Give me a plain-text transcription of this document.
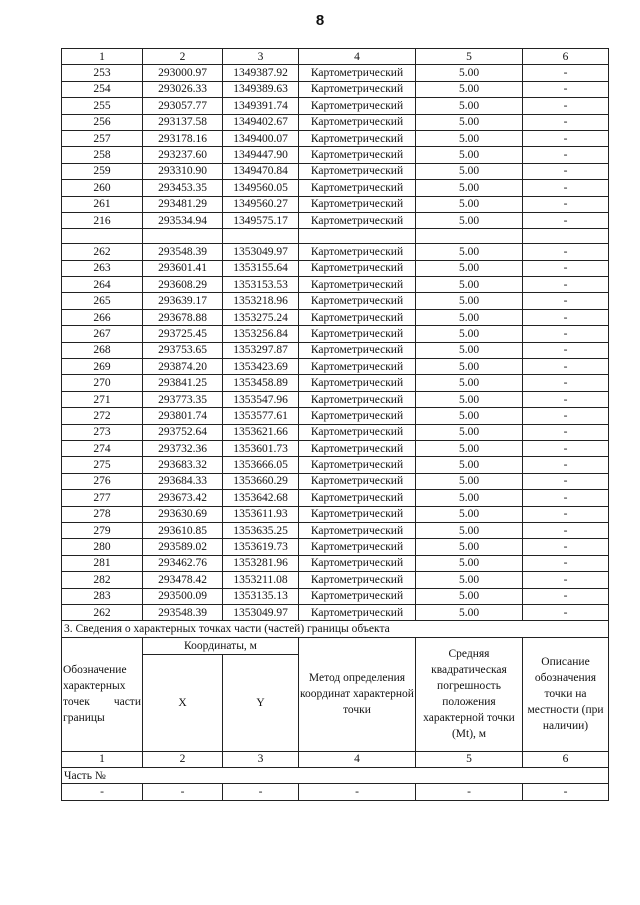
8
1	2	3	4	5	6
253	293000.97	1349387.92	Картометрический	5.00	-
254	293026.33	1349389.63	Картометрический	5.00	-
255	293057.77	1349391.74	Картометрический	5.00	-
256	293137.58	1349402.67	Картометрический	5.00	-
257	293178.16	1349400.07	Картометрический	5.00	-
258	293237.60	1349447.90	Картометрический	5.00	-
259	293310.90	1349470.84	Картометрический	5.00	-
260	293453.35	1349560.05	Картометрический	5.00	-
261	293481.29	1349560.27	Картометрический	5.00	-
216	293534.94	1349575.17	Картометрический	5.00	-

262	293548.39	1353049.97	Картометрический	5.00	-
263	293601.41	1353155.64	Картометрический	5.00	-
264	293608.29	1353153.53	Картометрический	5.00	-
265	293639.17	1353218.96	Картометрический	5.00	-
266	293678.88	1353275.24	Картометрический	5.00	-
267	293725.45	1353256.84	Картометрический	5.00	-
268	293753.65	1353297.87	Картометрический	5.00	-
269	293874.20	1353423.69	Картометрический	5.00	-
270	293841.25	1353458.89	Картометрический	5.00	-
271	293773.35	1353547.96	Картометрический	5.00	-
272	293801.74	1353577.61	Картометрический	5.00	-
273	293752.64	1353621.66	Картометрический	5.00	-
274	293732.36	1353601.73	Картометрический	5.00	-
275	293683.32	1353666.05	Картометрический	5.00	-
276	293684.33	1353660.29	Картометрический	5.00	-
277	293673.42	1353642.68	Картометрический	5.00	-
278	293630.69	1353611.93	Картометрический	5.00	-
279	293610.85	1353635.25	Картометрический	5.00	-
280	293589.02	1353619.73	Картометрический	5.00	-
281	293462.76	1353281.96	Картометрический	5.00	-
282	293478.42	1353211.08	Картометрический	5.00	-
283	293500.09	1353135.13	Картометрический	5.00	-
262	293548.39	1353049.97	Картометрический	5.00	-
3. Сведения о характерных точках части (частей) границы объекта					
Обозначение характерных точек части границы	Координаты, м		Метод определения координат характерной точки	Средняя квадратическая погрешность положения характерной точки (Mt), м	Описание обозначения точки на местности (при наличии)
	X	Y			
1	2	3	4	5	6
Часть №					
-	-	-	-	-	-
